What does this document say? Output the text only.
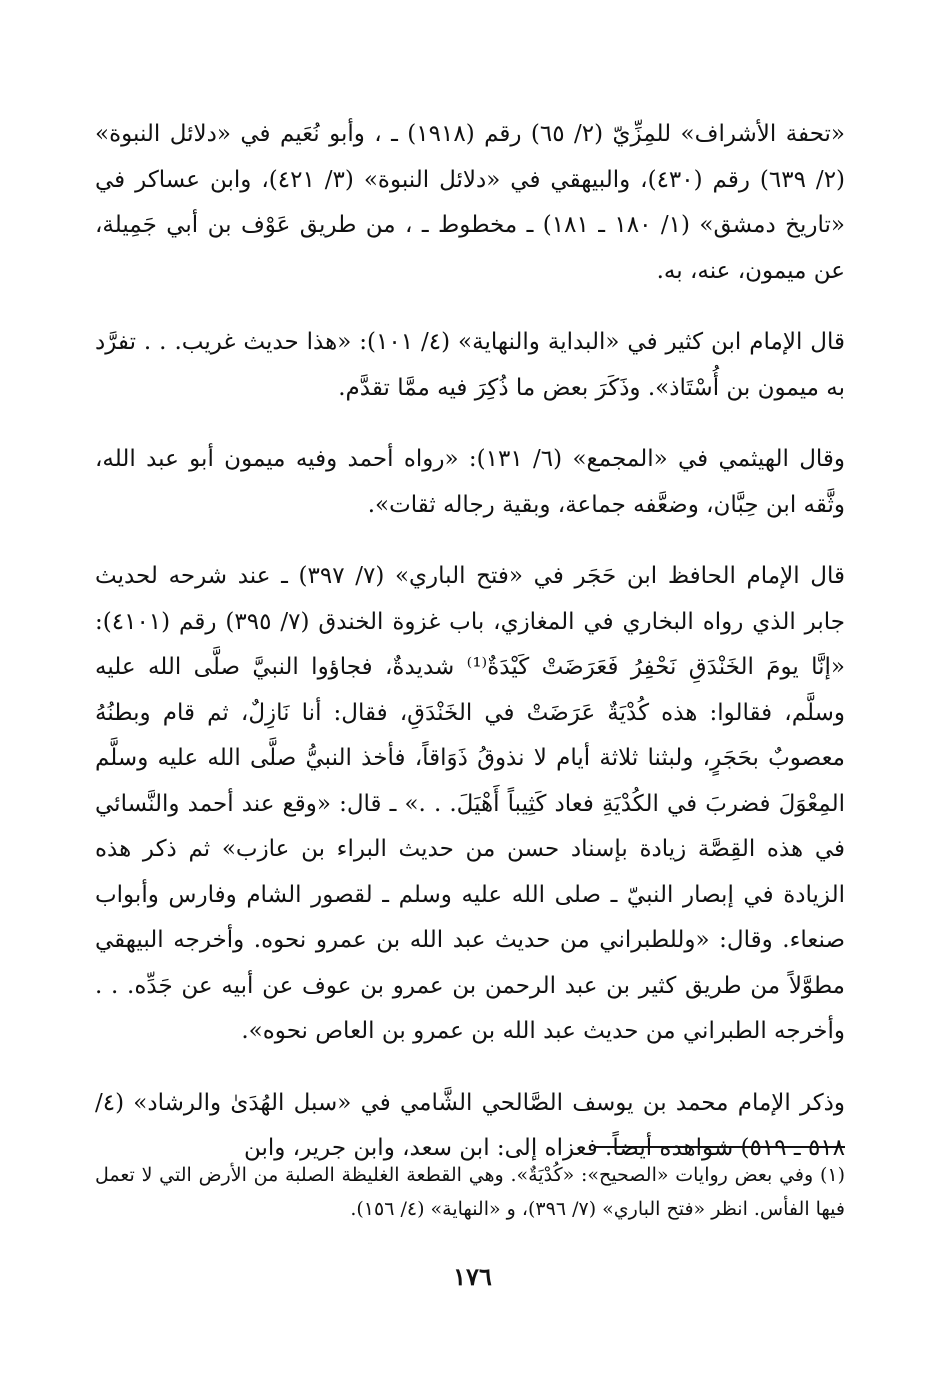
«تحفة الأشراف» للمِزِّيّ (٢/ ٦٥) رقم (١٩١٨) ـ ، وأبو نُعَيم في «دلائل النبوة» (٢/ ٦٣٩) رقم (٤٣٠)، والبيهقي في «دلائل النبوة» (٣/ ٤٢١)، وابن عساكر في «تاريخ دمشق» (١/ ١٨٠ ـ ١٨١) ـ مخطوط ـ ، من طريق عَوْف بن أبي جَمِيلة، عن ميمون، عنه، به.

قال الإمام ابن كثير في «البداية والنهاية» (٤/ ١٠١): «هذا حديث غريب. . . تفرَّد به ميمون بن أُسْتَاذ». وذَكَرَ بعض ما ذُكِرَ فيه ممَّا تقدَّم.

وقال الهيثمي في «المجمع» (٦/ ١٣١): «رواه أحمد وفيه ميمون أبو عبد الله، وثَّقه ابن حِبَّان، وضعَّفه جماعة، وبقية رجاله ثقات».

قال الإمام الحافظ ابن حَجَر في «فتح الباري» (٧/ ٣٩٧) ـ عند شرحه لحديث جابر الذي رواه البخاري في المغازي، باب غزوة الخندق (٧/ ٣٩٥) رقم (٤١٠١): «إنَّا يومَ الخَنْدَقِ نَحْفِرُ فَعَرَضَتْ كَيْدَةٌ⁽¹⁾ شديدةٌ، فجاؤوا النبيَّ صلَّى الله عليه وسلَّم، فقالوا: هذه كُدْيَةٌ عَرَضَتْ في الخَنْدَقِ، فقال: أنا نَازِلٌ، ثم قام وبطنُهُ معصوبٌ بحَجَرٍ، ولبثنا ثلاثة أيام لا نذوقُ ذَوَاقاً، فأخذ النبيُّ صلَّى الله عليه وسلَّم المِعْوَلَ فضربَ في الكُدْيَةِ فعاد كَثِيباً أَهْيَلَ. . .» ـ قال: «وقع عند أحمد والنَّسائي في هذه القِصَّة زيادة بإسناد حسن من حديث البراء بن عازب» ثم ذكر هذه الزيادة في إبصار النبيّ ـ صلى الله عليه وسلم ـ لقصور الشام وفارس وأبواب صنعاء. وقال: «وللطبراني من حديث عبد الله بن عمرو نحوه. وأخرجه البيهقي مطوَّلاً من طريق كثير بن عبد الرحمن بن عمرو بن عوف عن أبيه عن جَدِّه. . . وأخرجه الطبراني من حديث عبد الله بن عمرو بن العاص نحوه».

وذكر الإمام محمد بن يوسف الصَّالحي الشَّامي في «سبل الهُدَىٰ والرشاد» (٤/ ٥١٨ ـ ٥١٩) شواهده أيضاً. فعزاه إلى: ابن سعد، وابن جرير، وابن

(١) وفي بعض روايات «الصحيح»: «كُدْيَةٌ». وهي القطعة الغليظة الصلبة من الأرض التي لا تعمل فيها الفأس. انظر «فتح الباري» (٧/ ٣٩٦)، و «النهاية» (٤/ ١٥٦).

١٧٦
